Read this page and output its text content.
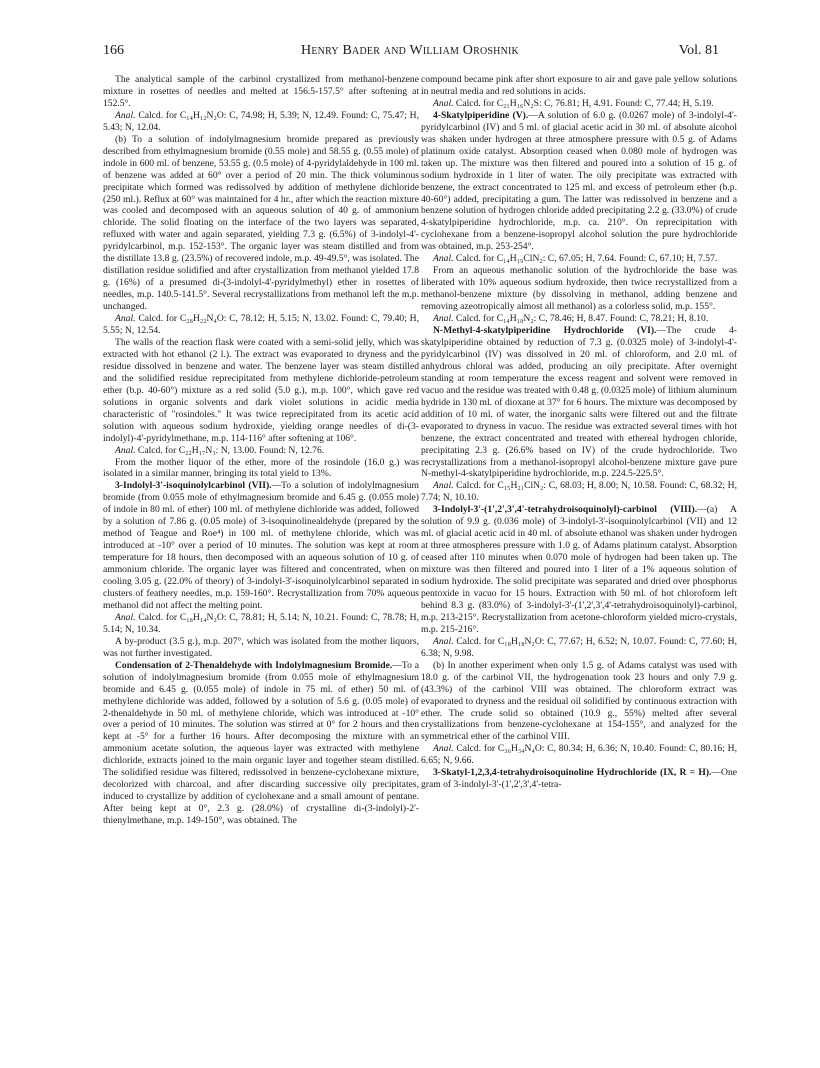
166	Henry Bader and William Oroshnik	Vol. 81

The analytical sample of the carbinol crystallized from methanol-benzene mixture in rosettes of needles and melted at 156.5-157.5° after softening at 152.5°.

Anal. Calcd. for C₁₄H₁₂N₂O: C, 74.98; H, 5.39; N, 12.49. Found: C, 75.47; H, 5.43; N, 12.04.

(b) To a solution of indolylmagnesium bromide prepared as previously described from ethylmagnesium bromide (0.55 mole) and 58.55 g. (0.55 mole) of indole in 600 ml. of benzene, 53.55 g. (0.5 mole) of 4-pyridylaldehyde in 100 ml. of benzene was added at 60° over a period of 20 min. The thick voluminous precipitate which formed was redissolved by addition of methylene dichloride (250 ml.). Reflux at 60° was maintained for 4 hr., after which the reaction mixture was cooled and decomposed with an aqueous solution of 40 g. of ammonium chloride. The solid floating on the interface of the two layers was separated, refluxed with water and again separated, yielding 7.3 g. (6.5%) of 3-indolyl-4'-pyridylcarbinol, m.p. 152-153°. The organic layer was steam distilled and from the distillate 13.8 g. (23.5%) of recovered indole, m.p. 49-49.5°, was isolated. The distillation residue solidified and after crystallization from methanol yielded 17.8 g. (16%) of a presumed di-(3-indolyl-4'-pyridylmethyl) ether in rosettes of needles, m.p. 140.5-141.5°. Several recrystallizations from methanol left the m.p. unchanged.

Anal. Calcd. for C₂₈H₂₂N₄O: C, 78.12; H, 5.15; N, 13.02. Found: C, 79.40; H, 5.55; N, 12.54.

The walls of the reaction flask were coated with a semi-solid jelly, which was extracted with hot ethanol (2 l.). The extract was evaporated to dryness and the residue dissolved in benzene and water. The benzene layer was steam distilled and the solidified residue reprecipitated from methylene dichloride-petroleum ether (b.p. 40-60°) mixture as a red solid (5.0 g.), m.p. 100°, which gave red solutions in organic solvents and dark violet solutions in acidic media characteristic of "rosindoles." It was twice reprecipitated from its acetic acid solution with aqueous sodium hydroxide, yielding orange needles of di-(3-indolyl)-4'-pyridylmethane, m.p. 114-116° after softening at 106°.

Anal. Calcd. for C₂₂H₁₇N₃: N, 13.00. Found: N, 12.76.

From the mother liquor of the ether, more of the rosindole (16.0 g.) was isolated in a similar manner, bringing its total yield to 13%.

3-Indolyl-3'-isoquinolylcarbinol (VII).—To a solution of indolylmagnesium bromide (from 0.055 mole of ethylmagnesium bromide and 6.45 g. (0.055 mole) of indole in 80 ml. of ether) 100 ml. of methylene dichloride was added, followed by a solution of 7.86 g. (0.05 mole) of 3-isoquinolinealdehyde (prepared by the method of Teague and Roe⁴) in 100 ml. of methylene chloride, which was introduced at -10° over a period of 10 minutes. The solution was kept at room temperature for 18 hours, then decomposed with an aqueous solution of 10 g. of ammonium chloride. The organic layer was filtered and concentrated, when on cooling 3.05 g. (22.0% of theory) of 3-indolyl-3'-isoquinolylcarbinol separated in clusters of feathery needles, m.p. 159-160°. Recrystallization from 70% aqueous methanol did not affect the melting point.

Anal. Calcd. for C₁₈H₁₄N₂O: C, 78.81; H, 5.14; N, 10.21. Found: C, 78.78; H, 5.14; N, 10.34.

A by-product (3.5 g.), m.p. 207°, which was isolated from the mother liquors, was not further investigated.

Condensation of 2-Thenaldehyde with Indolylmagnesium Bromide.—To a solution of indolylmagnesium bromide (from 0.055 mole of ethylmagnesium bromide and 6.45 g. (0.055 mole) of indole in 75 ml. of ether) 50 ml. of methylene dichloride was added, followed by a solution of 5.6 g. (0.05 mole) of 2-thenaldehyde in 50 ml. of methylene chloride, which was introduced at -10° over a period of 10 minutes. The solution was stirred at 0° for 2 hours and then kept at -5° for a further 16 hours. After decomposing the mixture with an ammonium acetate solution, the aqueous layer was extracted with methylene dichloride, extracts joined to the main organic layer and together steam distilled. The solidified residue was filtered, redissolved in benzene-cyclohexane mixture, decolorized with charcoal, and after discarding successive oily precipitates, induced to crystallize by addition of cyclohexane and a small amount of pentane. After being kept at 0°, 2.3 g. (28.0%) of crystalline di-(3-indolyl)-2'-thienylmethane, m.p. 149-150°, was obtained. The

compound became pink after short exposure to air and gave pale yellow solutions in neutral media and red solutions in acids.

Anal. Calcd. for C₂₁H₁₆N₂S: C, 76.81; H, 4.91. Found: C, 77.44; H, 5.19.

4-Skatylpiperidine (V).—A solution of 6.0 g. (0.0267 mole) of 3-indolyl-4'-pyridylcarbinol (IV) and 5 ml. of glacial acetic acid in 30 ml. of absolute alcohol was shaken under hydrogen at three atmosphere pressure with 0.5 g. of Adams platinum oxide catalyst. Absorption ceased when 0.080 mole of hydrogen was taken up. The mixture was then filtered and poured into a solution of 15 g. of sodium hydroxide in 1 liter of water. The oily precipitate was extracted with benzene, the extract concentrated to 125 ml. and excess of petroleum ether (b.p. 40-60°) added, precipitating a gum. The latter was redissolved in benzene and a benzene solution of hydrogen chloride added precipitating 2.2 g. (33.0%) of crude 4-skatylpiperidine hydrochloride, m.p. ca. 210°. On reprecipitation with cyclohexane from a benzene-isopropyl alcohol solution the pure hydrochloride was obtained, m.p. 253-254°.

Anal. Calcd. for C₁₄H₁₉ClN₂: C, 67.05; H, 7.64. Found: C, 67.10; H, 7.57.

From an aqueous methanolic solution of the hydrochloride the base was liberated with 10% aqueous sodium hydroxide, then twice recrystallized from a methanol-benzene mixture (by dissolving in methanol, adding benzene and removing azeotropically almost all methanol) as a colorless solid, m.p. 155°.

Anal. Calcd. for C₁₄H₁₈N₂: C, 78.46; H, 8.47. Found: C, 78.21; H, 8.10.

N-Methyl-4-skatylpiperidine Hydrochloride (VI).—The crude 4-skatylpiperidine obtained by reduction of 7.3 g. (0.0325 mole) of 3-indolyl-4'-pyridylcarbinol (IV) was dissolved in 20 ml. of chloroform, and 2.0 ml. of anhydrous chloral was added, producing an oily precipitate. After overnight standing at room temperature the excess reagent and solvent were removed in vacuo and the residue was treated with 0.48 g. (0.0325 mole) of lithium aluminum hydride in 130 ml. of dioxane at 37° for 6 hours. The mixture was decomposed by addition of 10 ml. of water, the inorganic salts were filtered out and the filtrate evaporated to dryness in vacuo. The residue was extracted several times with hot benzene, the extract concentrated and treated with ethereal hydrogen chloride, precipitating 2.3 g. (26.6% based on IV) of the crude hydrochloride. Two recrystallizations from a methanol-isopropyl alcohol-benzene mixture gave pure N-methyl-4-skatylpiperidine hydrochloride, m.p. 224.5-225.5°.

Anal. Calcd. for C₁₅H₂₁ClN₂: C, 68.03; H, 8.00; N, 10.58. Found: C, 68.32; H, 7.74; N, 10.10.

3-Indolyl-3'-(1',2',3',4'-tetrahydroisoquinolyl)-carbinol (VIII).—(a) A solution of 9.9 g. (0.036 mole) of 3-indolyl-3'-isoquinolylcarbinol (VII) and 12 ml. of glacial acetic acid in 40 ml. of absolute ethanol was shaken under hydrogen at three atmospheres pressure with 1.0 g. of Adams platinum catalyst. Absorption ceased after 110 minutes when 0.070 mole of hydrogen had been taken up. The mixture was then filtered and poured into 1 liter of a 1% aqueous solution of sodium hydroxide. The solid precipitate was separated and dried over phosphorus pentoxide in vacuo for 15 hours. Extraction with 50 ml. of hot chloroform left behind 8.3 g. (83.0%) of 3-indolyl-3'-(1',2',3',4'-tetrahydroisoquinolyl)-carbinol, m.p. 213-215°. Recrystallization from acetone-chloroform yielded micro-crystals, m.p. 215-216°.

Anal. Calcd. for C₁₈H₁₈N₂O: C, 77.67; H, 6.52; N, 10.07. Found: C, 77.60; H, 6.38; N, 9.98.

(b) In another experiment when only 1.5 g. of Adams catalyst was used with 18.0 g. of the carbinol VII, the hydrogenation took 23 hours and only 7.9 g. (43.3%) of the carbinol VIII was obtained. The chloroform extract was evaporated to dryness and the residual oil solidified by continuous extraction with ether. The crude solid so obtained (10.9 g., 55%) melted after several crystallizations from benzene-cyclohexane at 154-155°, and analyzed for the symmetrical ether of the carbinol VIII.

Anal. Calcd. for C₃₆H₃₄N₄O: C, 80.34; H, 6.36; N, 10.40. Found: C, 80.16; H, 6.65; N, 9.66.

3-Skatyl-1,2,3,4-tetrahydroisoquinoline Hydrochloride (IX, R = H).—One gram of 3-indolyl-3'-(1',2',3',4'-tetra-
